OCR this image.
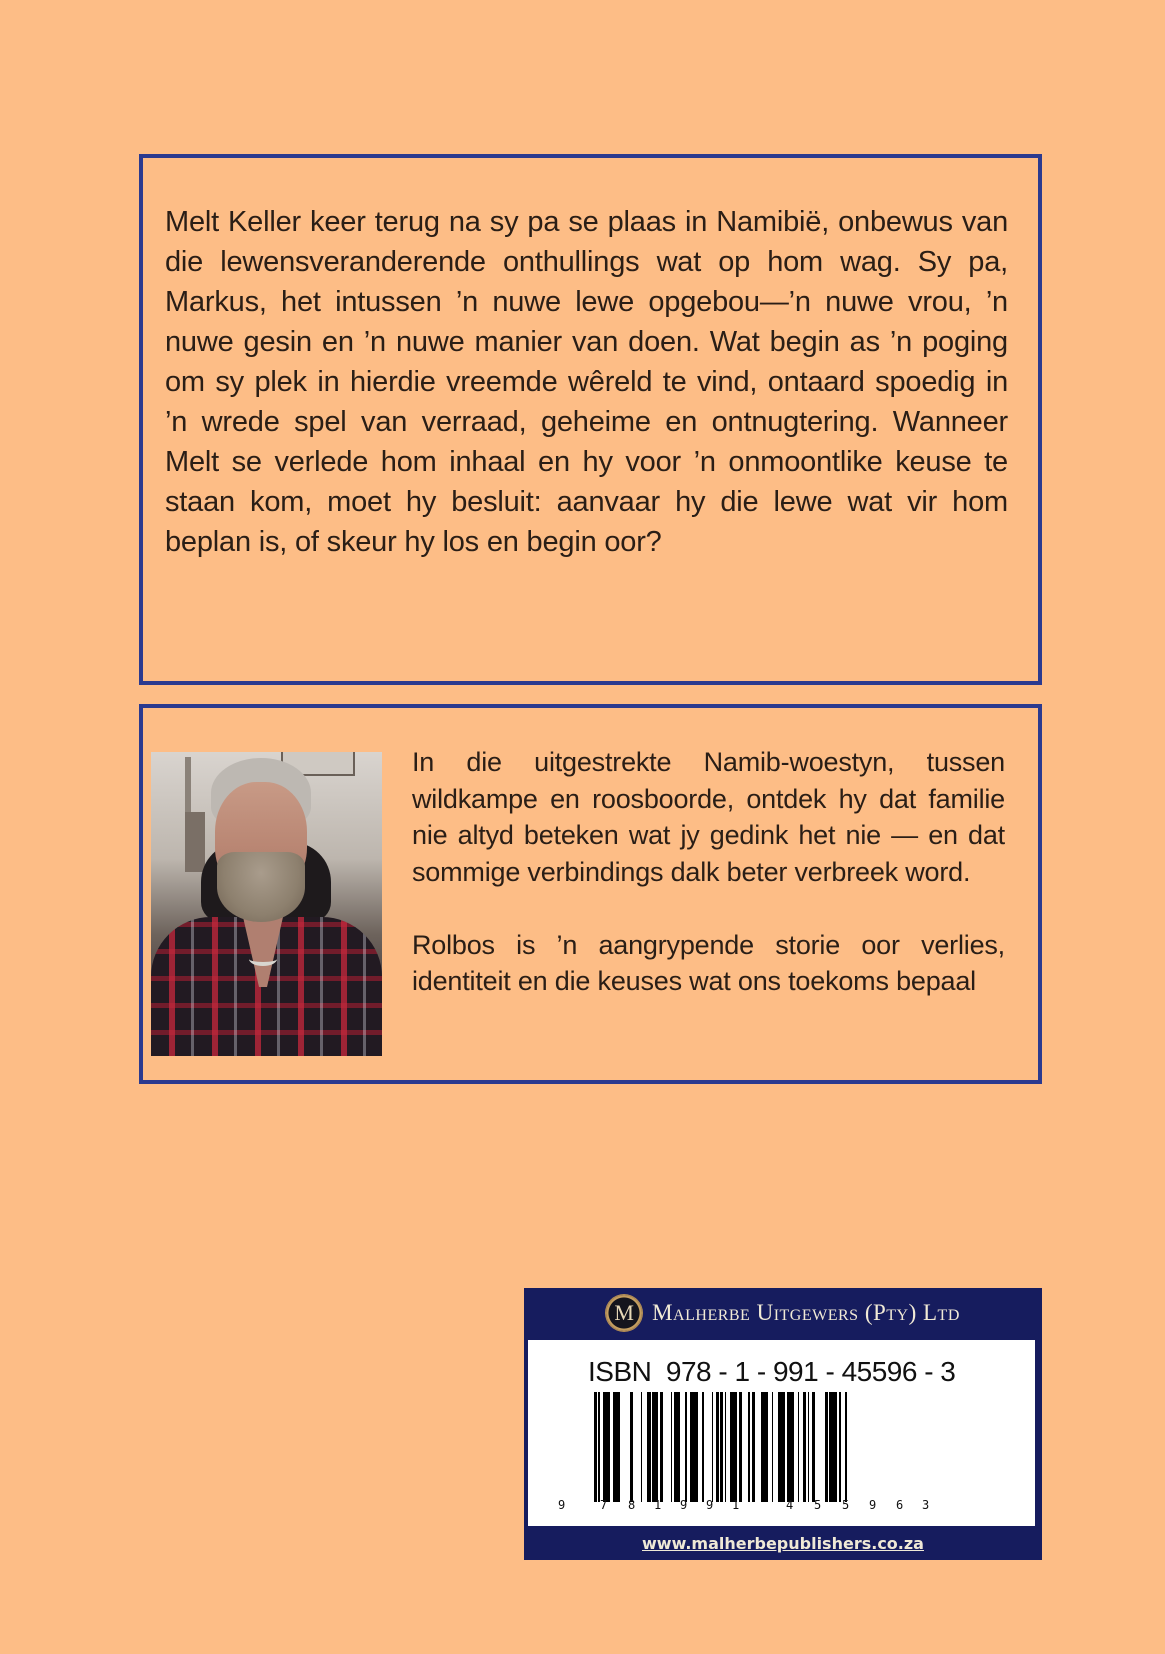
Melt Keller keer terug na sy pa se plaas in Namibië, onbewus van die lewensveranderende onthullings wat op hom wag. Sy pa, Markus, het intussen ’n nuwe lewe opgebou—’n nuwe vrou, ’n nuwe gesin en ’n nuwe manier van doen. Wat begin as ’n poging om sy plek in hierdie vreemde wêreld te vind, ontaard spoedig in ’n wrede spel van verraad, geheime en ontnugtering. Wanneer Melt se verlede hom inhaal en hy voor ’n onmoontlike keuse te staan kom, moet hy besluit: aanvaar hy die lewe wat vir hom beplan is, of skeur hy los en begin oor?

In die uitgestrekte Namib-woestyn, tussen wildkampe en roosboorde, ontdek hy dat familie nie altyd beteken wat jy gedink het nie — en dat sommige verbindings dalk beter verbreek word.

Rolbos is ’n aangrypende storie oor verlies, identiteit en die keuses wat ons toekoms bepaal

M Malherbe Uitgewers (Pty) Ltd
ISBN  978 - 1 - 991 - 45596 - 3
9	7 8 1 9 9 1	4 5 5 9 6 3
www.malherbepublishers.co.za
